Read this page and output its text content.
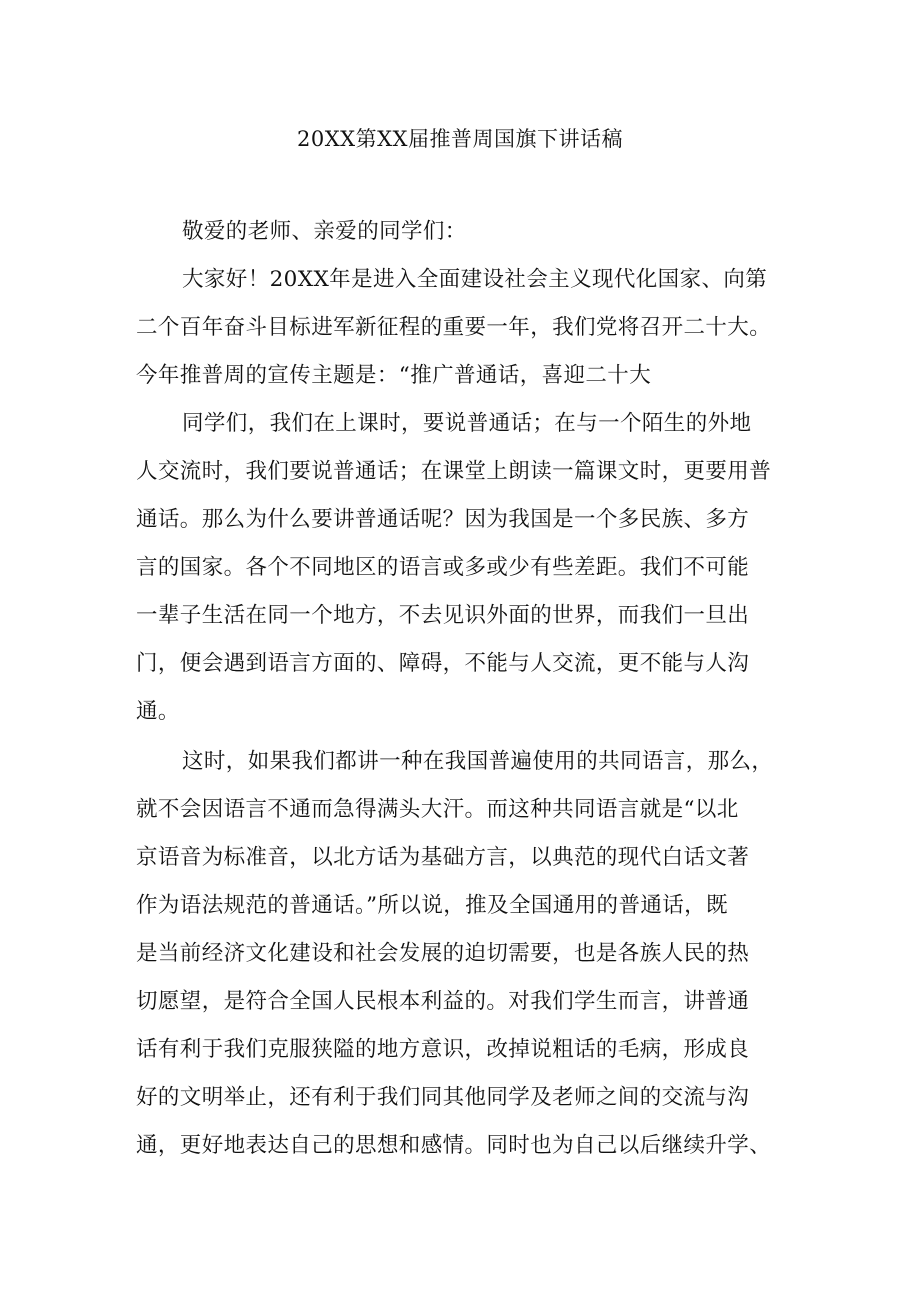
20XX第XX届推普周国旗下讲话稿
敬爱的老师、亲爱的同学们：
大家好！20XX年是进入全面建设社会主义现代化国家、向第
二个百年奋斗目标进军新征程的重要一年，我们党将召开二十大。
今年推普周的宣传主题是：“推广普通话，喜迎二十大
同学们，我们在上课时，要说普通话；在与一个陌生的外地
人交流时，我们要说普通话；在课堂上朗读一篇课文时，更要用普
通话。那么为什么要讲普通话呢？因为我国是一个多民族、多方
言的国家。各个不同地区的语言或多或少有些差距。我们不可能
一辈子生活在同一个地方，不去见识外面的世界，而我们一旦出
门，便会遇到语言方面的、障碍，不能与人交流，更不能与人沟
通。
这时，如果我们都讲一种在我国普遍使用的共同语言，那么，
就不会因语言不通而急得满头大汗。而这种共同语言就是“以北
京语音为标准音，以北方话为基础方言，以典范的现代白话文著
作为语法规范的普通话。”所以说，推及全国通用的普通话，既
是当前经济文化建设和社会发展的迫切需要，也是各族人民的热
切愿望，是符合全国人民根本利益的。对我们学生而言，讲普通
话有利于我们克服狭隘的地方意识，改掉说粗话的毛病，形成良
好的文明举止，还有利于我们同其他同学及老师之间的交流与沟
通，更好地表达自己的思想和感情。同时也为自己以后继续升学、
